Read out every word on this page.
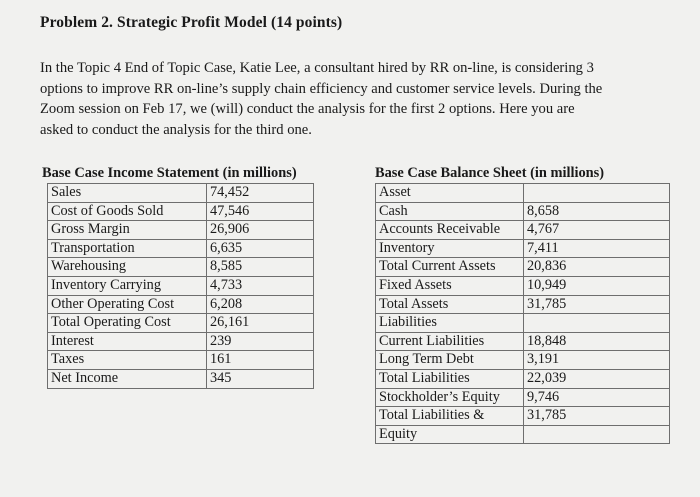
Problem 2. Strategic Profit Model (14 points)
In the Topic 4 End of Topic Case, Katie Lee, a consultant hired by RR on-line, is considering 3
options to improve RR on-line’s supply chain efficiency and customer service levels. During the
Zoom session on Feb 17, we (will) conduct the analysis for the first 2 options. Here you are
asked to conduct the analysis for the third one.
Base Case Income Statement (in millions)
Sales	74,452
Cost of Goods Sold	47,546
Gross Margin	26,906
Transportation	6,635
Warehousing	8,585
Inventory Carrying	4,733
Other Operating Cost	6,208
Total Operating Cost	26,161
Interest	239
Taxes	161
Net Income	345
Base Case Balance Sheet (in millions)
Asset	
Cash	8,658
Accounts Receivable	4,767
Inventory	7,411
Total Current Assets	20,836
Fixed Assets	10,949
Total Assets	31,785
Liabilities	
Current Liabilities	18,848
Long Term Debt	3,191
Total Liabilities	22,039
Stockholder’s Equity	9,746
Total Liabilities &	31,785
Equity	
